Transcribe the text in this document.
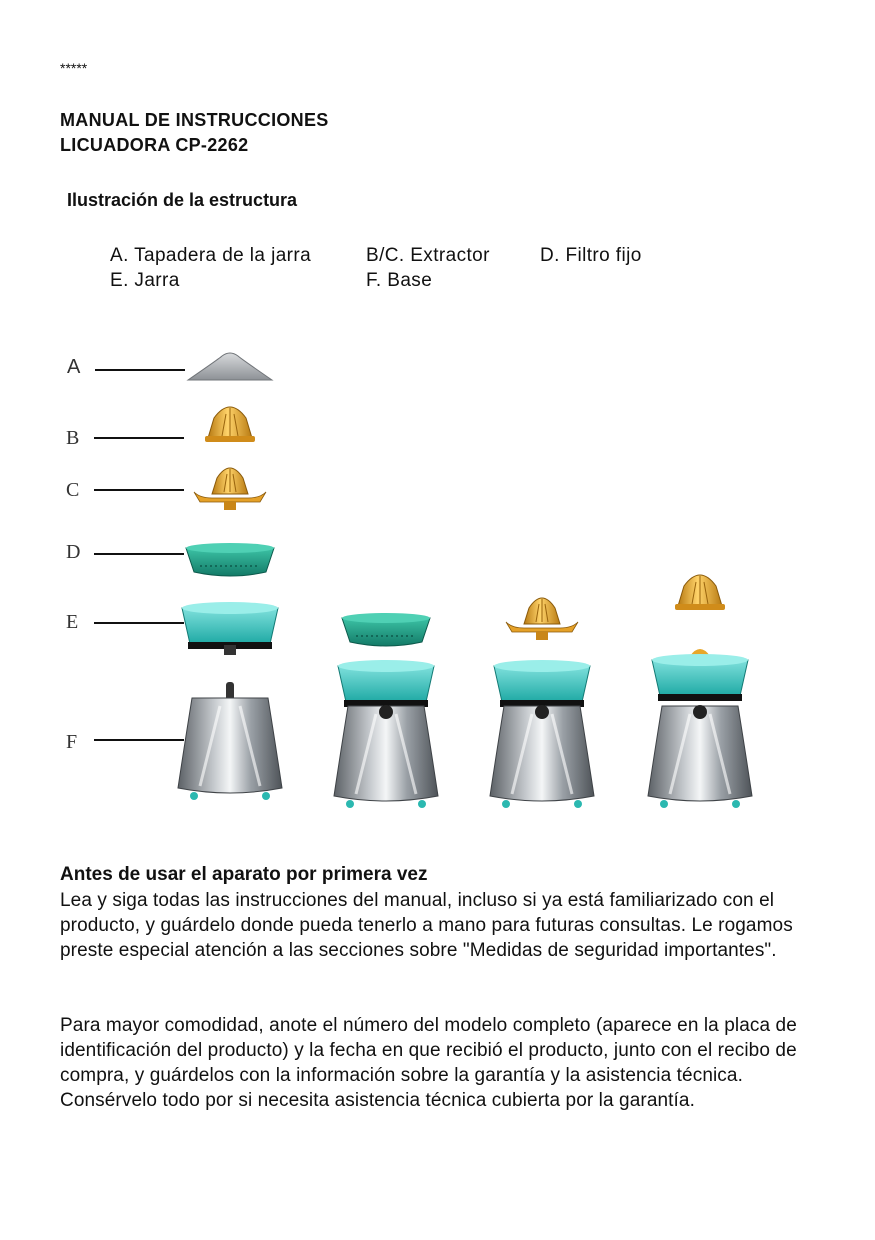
*****
MANUAL DE INSTRUCCIONES
LICUADORA CP-2262
Ilustración de la estructura
A. Tapadera de la jarra	B/C. Extractor	D. Filtro fijo
E. Jarra	F. Base
A
B
C
D
E
F
Antes de usar el aparato por primera vez
Lea y siga todas las instrucciones del manual, incluso si ya está familiarizado con el producto, y guárdelo donde pueda tenerlo a mano para futuras consultas. Le rogamos preste especial atención a las secciones sobre "Medidas de seguridad importantes".
Para mayor comodidad, anote el número del modelo completo (aparece en la placa de identificación del producto) y la fecha en que recibió el producto, junto con el recibo de compra, y guárdelos con la información sobre la garantía y la asistencia técnica. Consérvelo todo por si necesita asistencia técnica cubierta por la garantía.
